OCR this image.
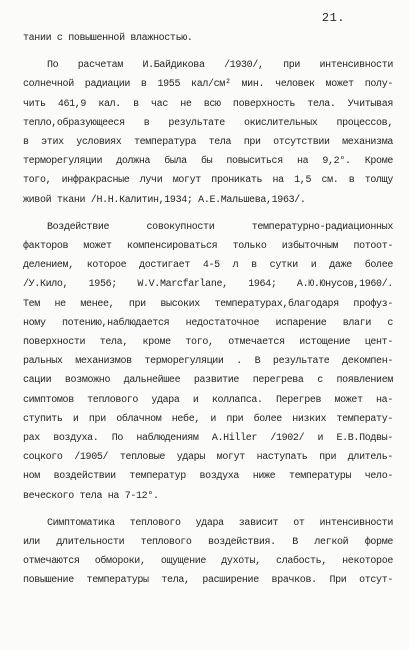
21.
тании с повышенной влажностью.
По расчетам И.Байдикова /1930/, при интенсивности
солнечной радиации в 1955 кал/см² мин. человек может полу-
чить 461,9 кал. в час не всю поверхность тела. Учитывая
тепло,образующееся в результате окислительных процессов,
в этих условиях температура тела при отсутствии механизма
терморегуляции должна была бы повыситься на 9,2°. Кроме
того, инфракрасные лучи могут проникать на 1,5 см. в толщу
живой ткани /Н.Н.Калитин,1934; А.Е.Мальшева,1963/.
Воздействие совокупности температурно-радиационных
факторов может компенсироваться только избыточным потоот-
делением, которое достигает 4-5 л в сутки и даже более
/У.Кило, 1956; W.V.Marcfarlane, 1964; А.Ю.Юнусов,1960/.
Тем не менее, при высоких температурах,благодаря профуз-
ному потению,наблюдается недостаточное испарение влаги с
поверхности тела, кроме того, отмечается истощение цент-
ральных механизмов терморегуляции . В результате декомпен-
сации возможно дальнейшее развитие перегрева с появлением
симптомов теплового удара и коллапса. Перегрев может на-
ступить и при облачном небе, и при более низких температу-
рах воздуха. По наблюдениям A.Hiller /1902/ и Е.В.Подвы-
соцкого /1905/ тепловые удары могут наступать при длитель-
ном воздействии температур воздуха ниже температуры чело-
веческого тела на 7-12°.
Симптоматика теплового удара зависит от интенсивности
или длительности теплового воздействия. В легкой форме
отмечаются обмороки, ощущение духоты, слабость, некоторое
повышение температуры тела, расширение врачков. При отсут-
